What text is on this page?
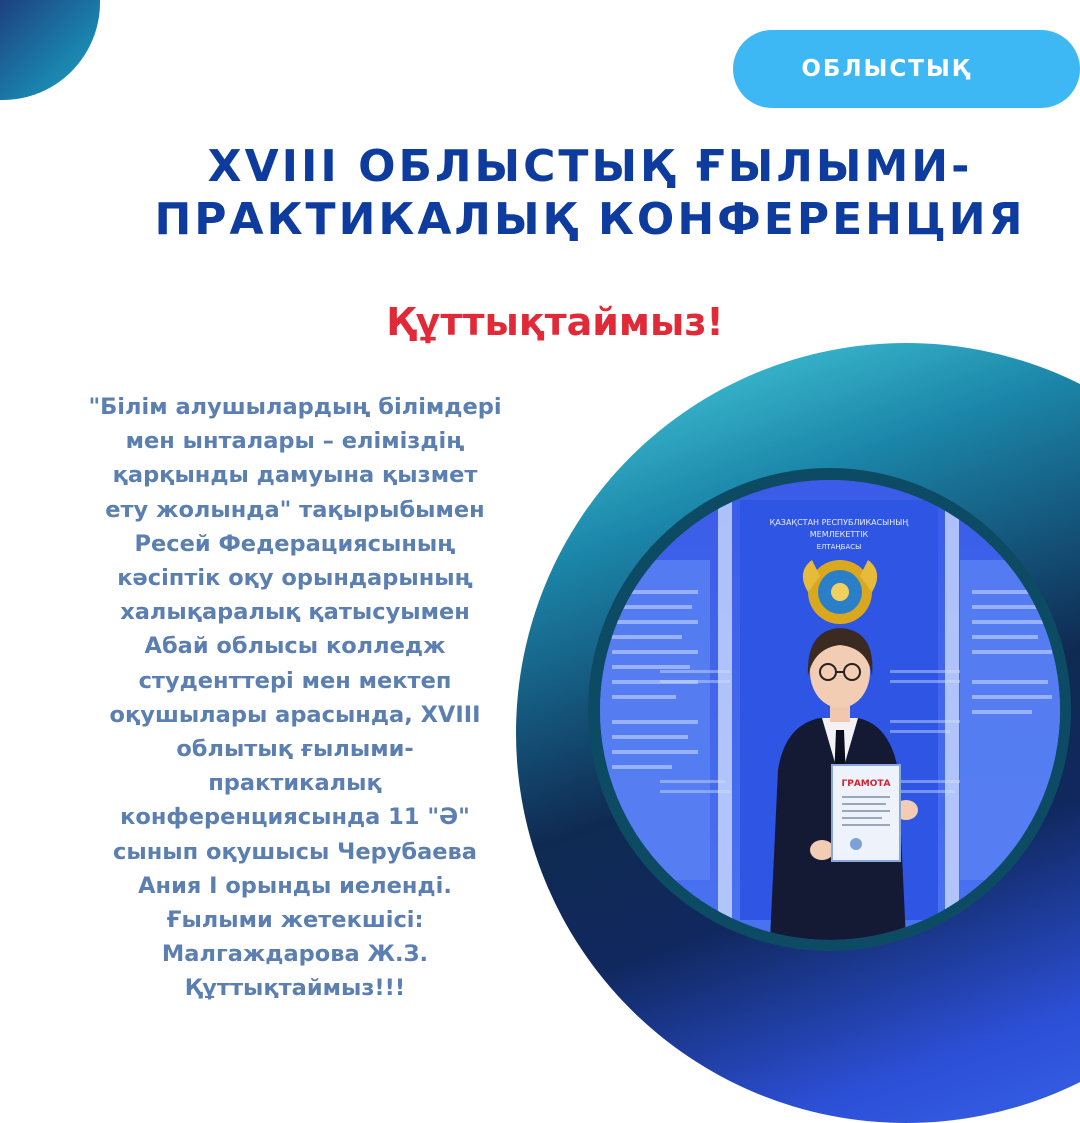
ОБЛЫСТЫҚ
XVIII ОБЛЫСТЫҚ ҒЫЛЫМИ-
ПРАКТИКАЛЫҚ КОНФЕРЕНЦИЯ
Құттықтаймыз!
"Білім алушылардың білімдері
мен ынталары – еліміздің
қарқынды дамуына қызмет
ету жолында" тақырыбымен
Ресей Федерациясының
кәсіптік оқу орындарының
халықаралық қатысуымен
Абай облысы колледж
студенттері мен мектеп
оқушылары арасында, XVIII
облытық ғылыми-
практикалық
конференциясында 11 "Ә"
сынып оқушысы Черубаева
Ания I орынды иеленді.
Ғылыми жетекшісі:
Малгаждарова Ж.З.
Құттықтаймыз!!!
ҚАЗАҚСТАН РЕСПУБЛИКАСЫНЫҢ
МЕМЛЕКЕТТІК
ЕЛТАҢБАСЫ
ГРАМОТА
